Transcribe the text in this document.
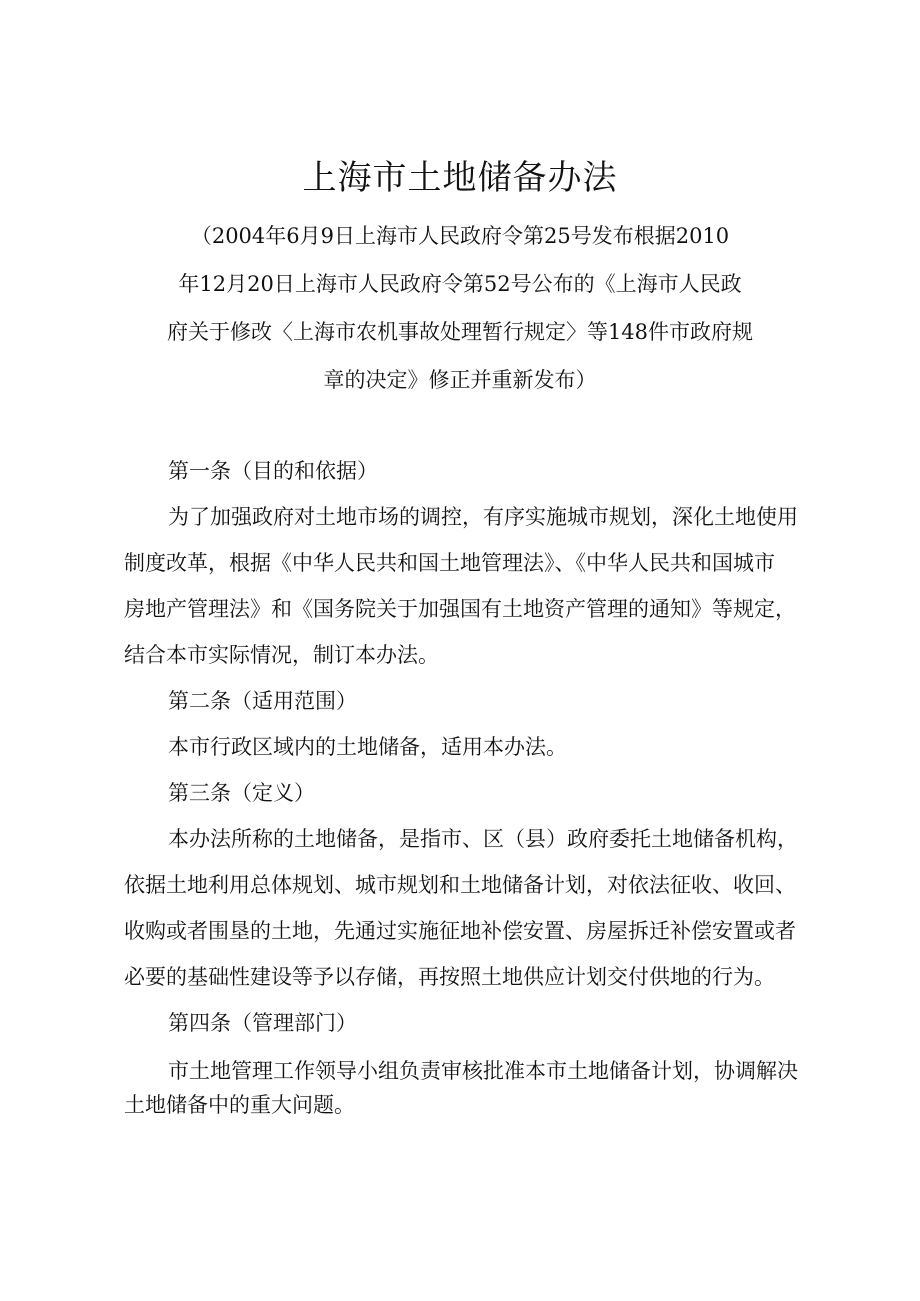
上海市土地储备办法
（2004年6月9日上海市人民政府令第25号发布根据2010
年12月20日上海市人民政府令第52号公布的《上海市人民政
府关于修改〈上海市农机事故处理暂行规定〉等148件市政府规
章的决定》修正并重新发布）

第一条（目的和依据）

为了加强政府对土地市场的调控，有序实施城市规划，深化土地使用
制度改革，根据《中华人民共和国土地管理法》、《中华人民共和国城市
房地产管理法》和《国务院关于加强国有土地资产管理的通知》等规定，
结合本市实际情况，制订本办法。

第二条（适用范围）

本市行政区域内的土地储备，适用本办法。

第三条（定义）

本办法所称的土地储备，是指市、区（县）政府委托土地储备机构，
依据土地利用总体规划、城市规划和土地储备计划，对依法征收、收回、
收购或者围垦的土地，先通过实施征地补偿安置、房屋拆迁补偿安置或者
必要的基础性建设等予以存储，再按照土地供应计划交付供地的行为。

第四条（管理部门）

市土地管理工作领导小组负责审核批准本市土地储备计划，协调解决
土地储备中的重大问题。
